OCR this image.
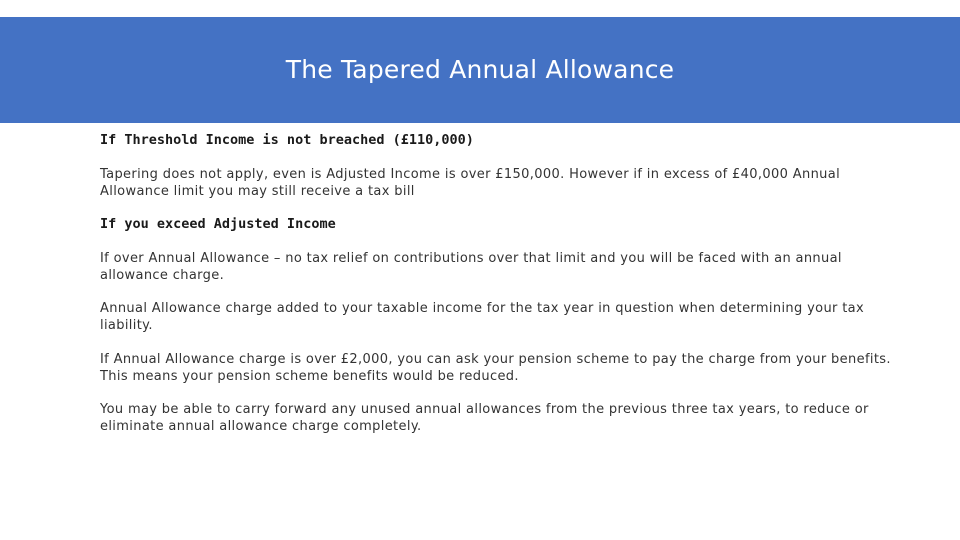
The Tapered Annual Allowance

If Threshold Income is not breached (£110,000)

Tapering does not apply, even is Adjusted Income is over £150,000. However if in excess of £40,000 Annual Allowance limit you may still receive a tax bill

If you exceed Adjusted Income

If over Annual Allowance – no tax relief on contributions over that limit and you will be faced with an annual allowance charge.

Annual Allowance charge added to your taxable income for the tax year in question when determining your tax liability.

If Annual Allowance charge is over £2,000, you can ask your pension scheme to pay the charge from your benefits. This means your pension scheme benefits would be reduced.

You may be able to carry forward any unused annual allowances from the previous three tax years, to reduce or eliminate annual allowance charge completely.
